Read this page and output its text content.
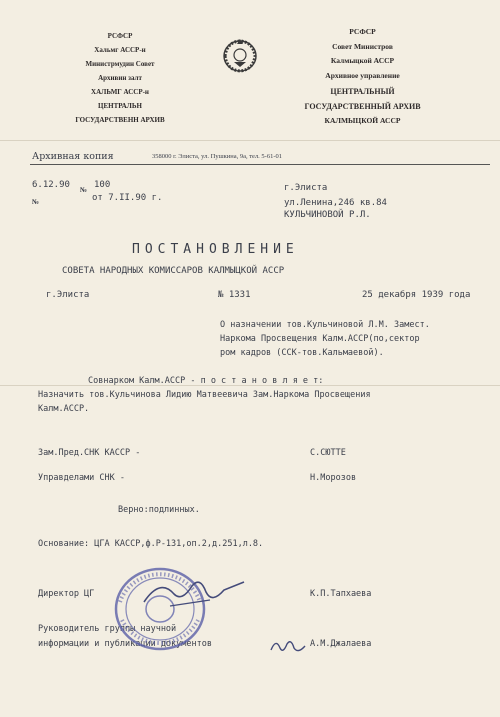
РСФСР
Хальмг АССР-н
Министрмудин Совет
Архивин залт
ХАЛЬМГ АССР-н
ЦЕНТРАЛЬН
ГОСУДАРСТВЕНН АРХИВ
РСФСР
Совет Министров
Калмыцкой АССР
Архивное управление
ЦЕНТРАЛЬНЫЙ
ГОСУДАРСТВЕННЫЙ АРХИВ
КАЛМЫЦКОЙ АССР
Архивная копия	358000 г. Элиста, ул. Пушкина, 9а, тел. 5-61-01
6.12.90 № 100
№	от 7.II.90 г.
г.Элиста
ул.Ленина,246 кв.84
КУЛЬЧИНОВОЙ Р.Л.
ПОСТАНОВЛЕНИЕ
СОВЕТА НАРОДНЫХ КОМИССАРОВ КАЛМЫЦКОЙ АССР
г.Элиста	№ 1331	25 декабря 1939 года
О назначении тов.Кульчиновой Л.М. Замест.
Наркома Просвещения Калм.АССР(по,сектор
ром кадров (ССК-тов.Кальмаевой).
Совнарком Калм.АССР - п о с т а н о в л я е т:
Назначить тов.Кульчинова Лидию Матвеевича Зам.Наркома Просвещения
Калм.АССР.
Зам.Пред.СНК КАССР -	С.СЮТТЕ
Управделами СНК -	Н.Морозов
Верно:подлинных.
Основание: ЦГА КАССР,ф.Р-131,оп.2,д.251,л.8.
Директор ЦГ	К.П.Тапхаева
Руководитель группы научной
информации и публикации документов	А.М.Джалаева
